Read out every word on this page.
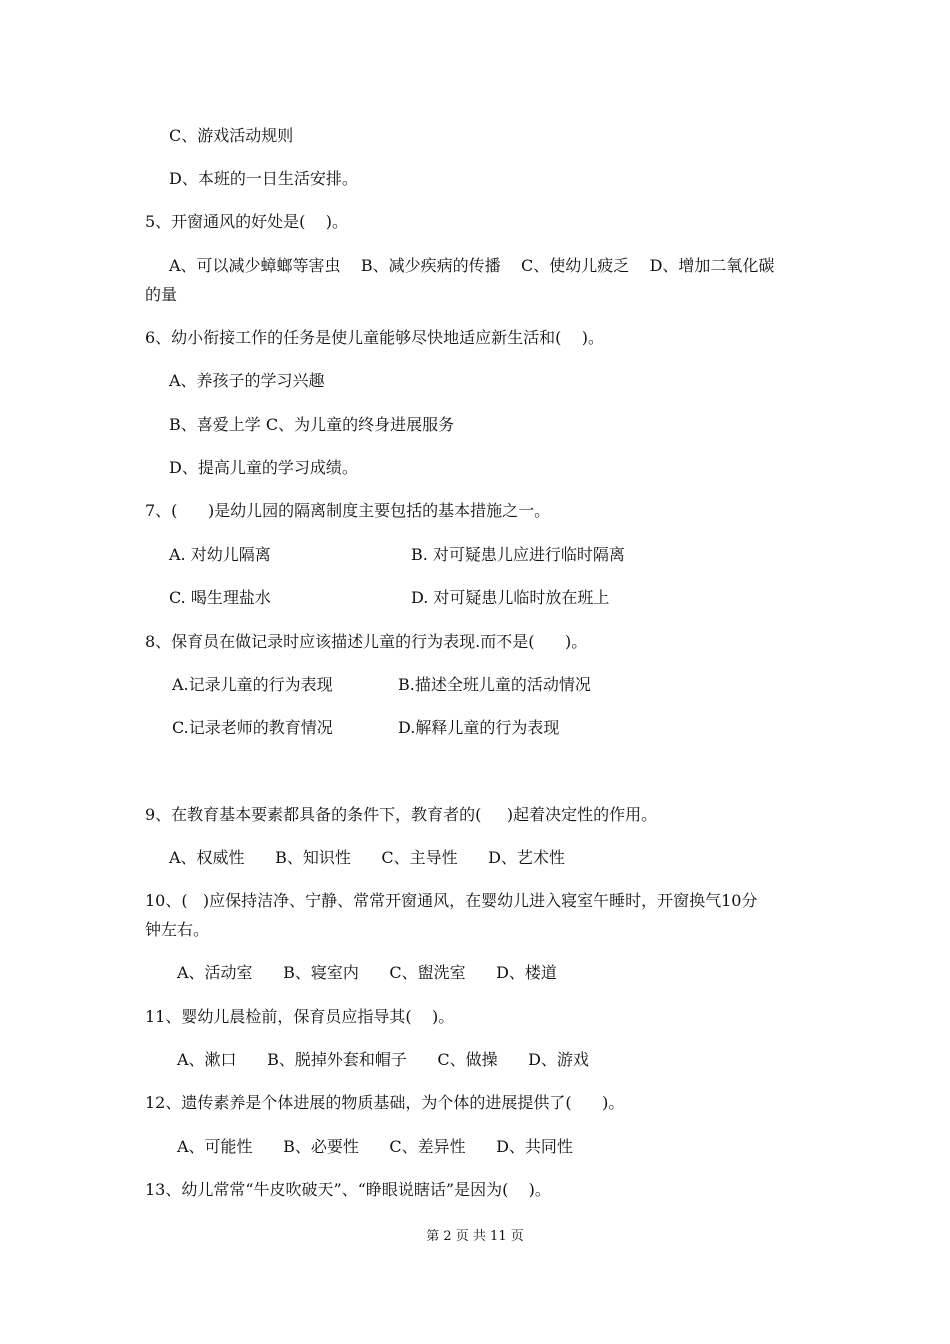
C、游戏活动规则
D、本班的一日生活安排。
5、开窗通风的好处是(    )。
A、可以减少蟑螂等害虫    B、减少疾病的传播    C、使幼儿疲乏    D、增加二氧化碳
的量
6、幼小衔接工作的任务是使儿童能够尽快地适应新生活和(    )。
A、养孩子的学习兴趣
B、喜爱上学 C、为儿童的终身进展服务
D、提高儿童的学习成绩。
7、(      )是幼儿园的隔离制度主要包括的基本措施之一。
A. 对幼儿隔离	B. 对可疑患儿应进行临时隔离
C. 喝生理盐水	D. 对可疑患儿临时放在班上
8、保育员在做记录时应该描述儿童的行为表现.而不是(      )。
A.记录儿童的行为表现	B.描述全班儿童的活动情况
C.记录老师的教育情况	D.解释儿童的行为表现
9、在教育基本要素都具备的条件下，教育者的(     )起着决定性的作用。
A、权威性      B、知识性      C、主导性      D、艺术性
10、(   )应保持洁净、宁静、常常开窗通风，在婴幼儿进入寝室午睡时，开窗换气10分
钟左右。
A、活动室      B、寝室内      C、盥洗室      D、楼道
11、婴幼儿晨检前，保育员应指导其(    )。
A、漱口      B、脱掉外套和帽子      C、做操      D、游戏
12、遗传素养是个体进展的物质基础，为个体的进展提供了(      )。
A、可能性      B、必要性      C、差异性      D、共同性
13、幼儿常常“牛皮吹破天”、“睁眼说瞎话”是因为(    )。
第 2 页 共 11 页
